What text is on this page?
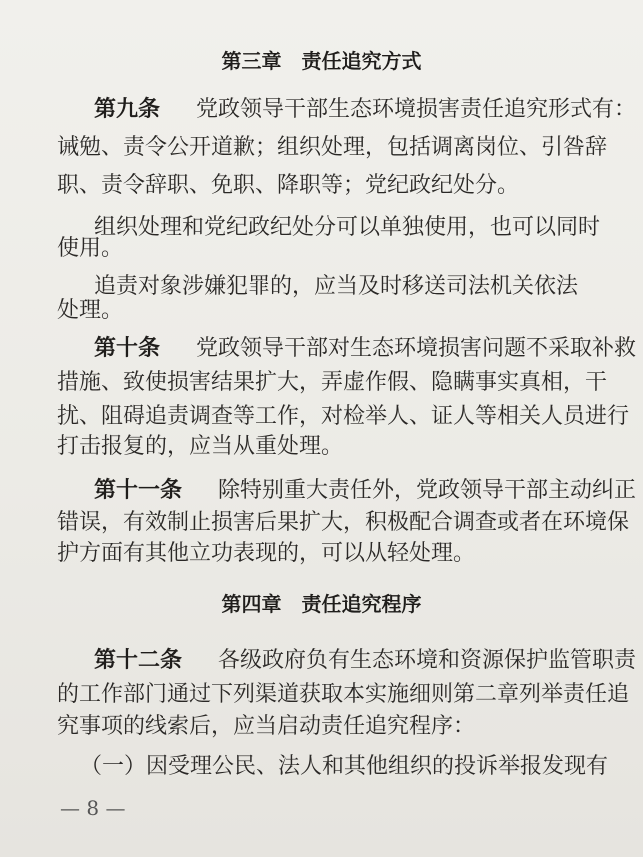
第三章　责任追究方式
第九条 党政领导干部生态环境损害责任追究形式有：
诫勉、责令公开道歉；组织处理，包括调离岗位、引咎辞
职、责令辞职、免职、降职等；党纪政纪处分。
组织处理和党纪政纪处分可以单独使用，也可以同时
使用。
追责对象涉嫌犯罪的，应当及时移送司法机关依法
处理。
第十条 党政领导干部对生态环境损害问题不采取补救
措施、致使损害结果扩大，弄虚作假、隐瞒事实真相，干
扰、阻碍追责调查等工作，对检举人、证人等相关人员进行
打击报复的，应当从重处理。
第十一条 除特别重大责任外，党政领导干部主动纠正
错误，有效制止损害后果扩大，积极配合调查或者在环境保
护方面有其他立功表现的，可以从轻处理。
第四章　责任追究程序
第十二条 各级政府负有生态环境和资源保护监管职责
的工作部门通过下列渠道获取本实施细则第二章列举责任追
究事项的线索后，应当启动责任追究程序：
（一）因受理公民、法人和其他组织的投诉举报发现有
— 8 —
